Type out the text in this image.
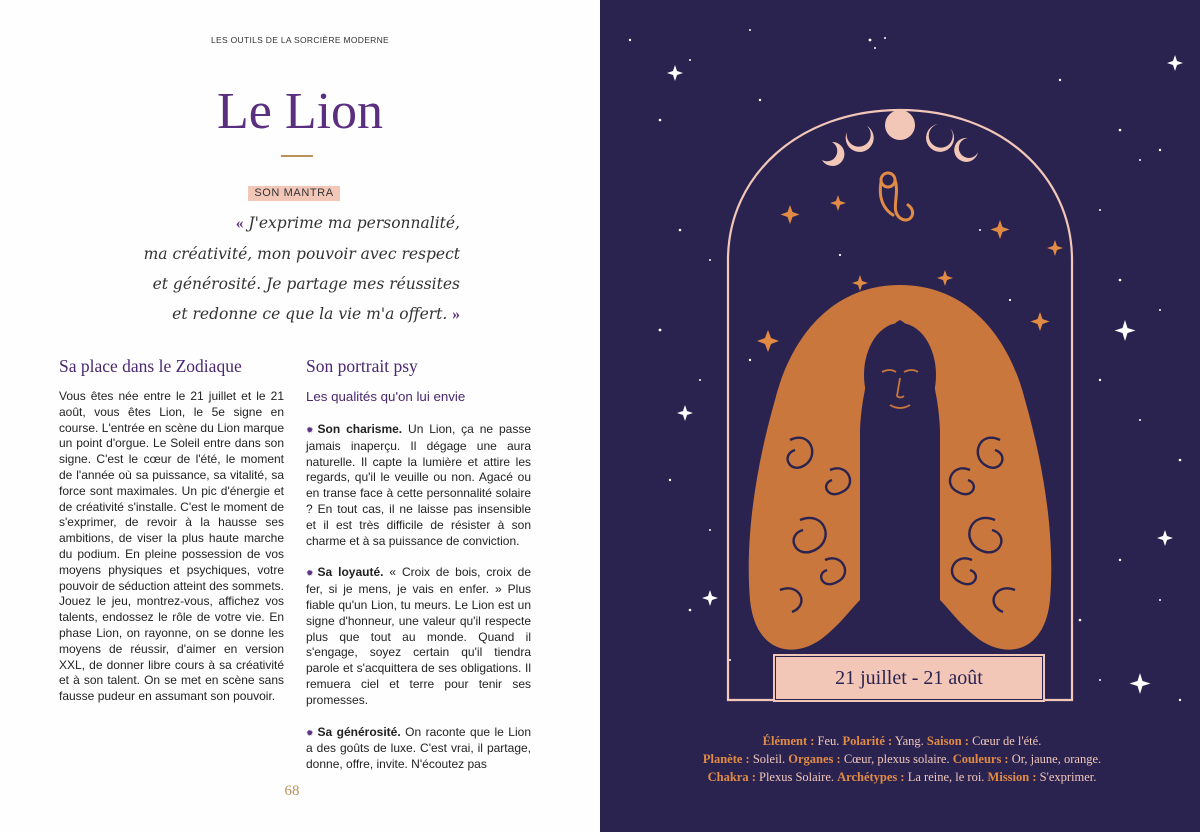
LES OUTILS DE LA SORCIÈRE MODERNE
Le Lion
SON MANTRA
« J'exprime ma personnalité,
ma créativité, mon pouvoir avec respect
et générosité. Je partage mes réussites
et redonne ce que la vie m'a offert. »
Sa place dans le Zodiaque
Vous êtes née entre le 21 juillet et le 21 août, vous êtes Lion, le 5e signe en course. L'entrée en scène du Lion marque un point d'orgue. Le Soleil entre dans son signe. C'est le cœur de l'été, le moment de l'année où sa puissance, sa vitalité, sa force sont maximales. Un pic d'énergie et de créativité s'installe. C'est le moment de s'exprimer, de revoir à la hausse ses ambitions, de viser la plus haute marche du podium. En pleine possession de vos moyens physiques et psychiques, votre pouvoir de séduction atteint des sommets. Jouez le jeu, montrez-vous, affichez vos talents, endossez le rôle de votre vie. En phase Lion, on rayonne, on se donne les moyens de réussir, d'aimer en version XXL, de donner libre cours à sa créativité et à son talent. On se met en scène sans fausse pudeur en assumant son pouvoir.
Son portrait psy
Les qualités qu'on lui envie

✹ Son charisme. Un Lion, ça ne passe jamais inaperçu. Il dégage une aura naturelle. Il capte la lumière et attire les regards, qu'il le veuille ou non. Agacé ou en transe face à cette personnalité solaire ? En tout cas, il ne laisse pas insensible et il est très difficile de résister à son charme et à sa puissance de conviction.

✹ Sa loyauté. « Croix de bois, croix de fer, si je mens, je vais en enfer. » Plus fiable qu'un Lion, tu meurs. Le Lion est un signe d'honneur, une valeur qu'il respecte plus que tout au monde. Quand il s'engage, soyez certain qu'il tiendra parole et s'acquittera de ses obligations. Il remuera ciel et terre pour tenir ses promesses.

✹ Sa générosité. On raconte que le Lion a des goûts de luxe. C'est vrai, il partage, donne, offre, invite. N'écoutez pas

68
21 juillet - 21 août
Élément : Feu. Polarité : Yang. Saison : Cœur de l'été.
Planète : Soleil. Organes : Cœur, plexus solaire. Couleurs : Or, jaune, orange.
Chakra : Plexus Solaire. Archétypes : La reine, le roi. Mission : S'exprimer.
